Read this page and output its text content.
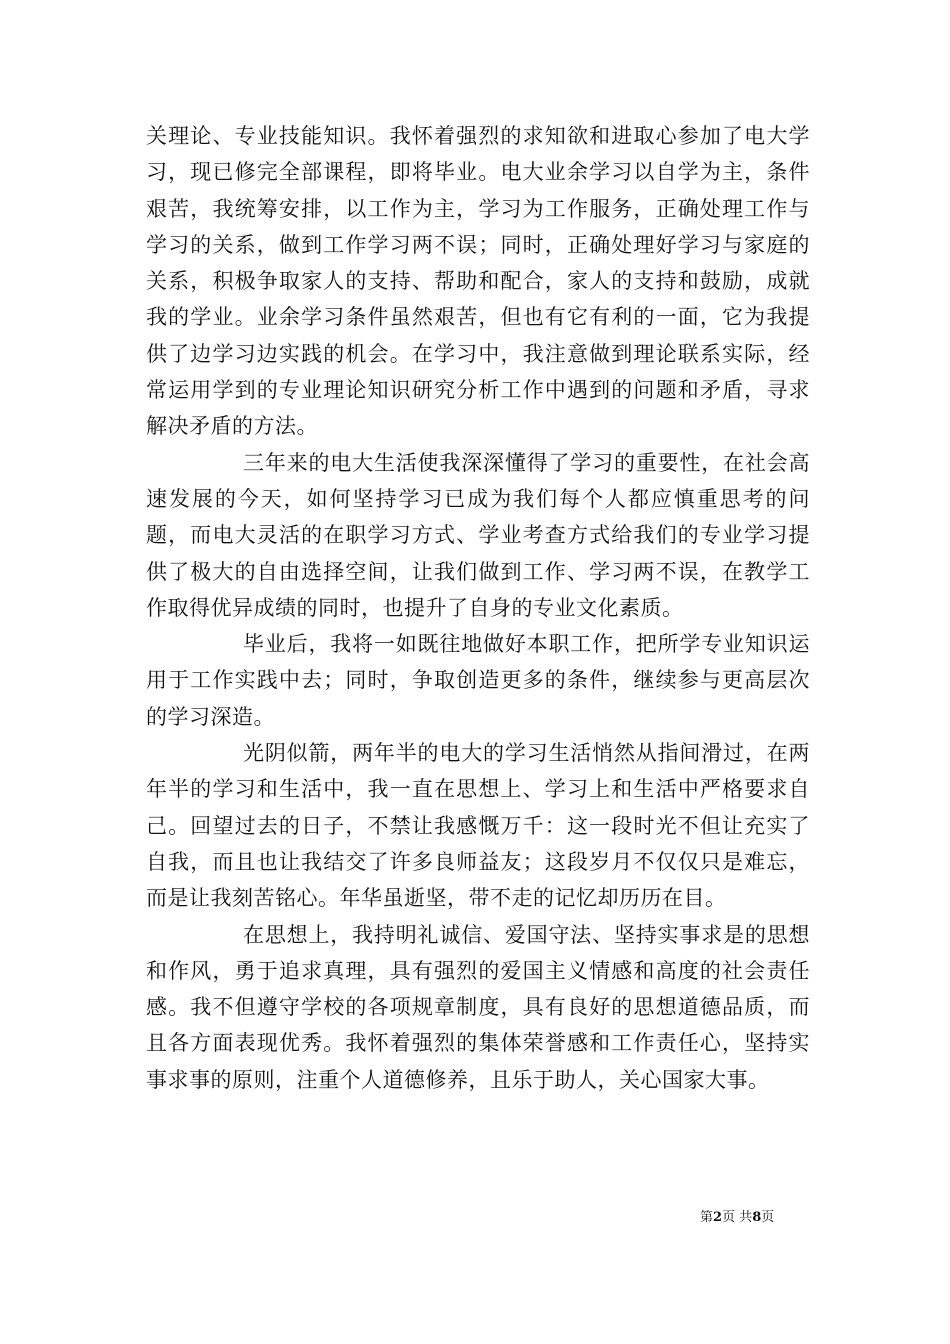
关理论、专业技能知识。我怀着强烈的求知欲和进取心参加了电大学习，现已修完全部课程，即将毕业。电大业余学习以自学为主，条件艰苦，我统筹安排，以工作为主，学习为工作服务，正确处理工作与学习的关系，做到工作学习两不误；同时，正确处理好学习与家庭的关系，积极争取家人的支持、帮助和配合，家人的支持和鼓励，成就我的学业。业余学习条件虽然艰苦，但也有它有利的一面，它为我提供了边学习边实践的机会。在学习中，我注意做到理论联系实际，经常运用学到的专业理论知识研究分析工作中遇到的问题和矛盾，寻求解决矛盾的方法。

三年来的电大生活使我深深懂得了学习的重要性，在社会高速发展的今天，如何坚持学习已成为我们每个人都应慎重思考的问题，而电大灵活的在职学习方式、学业考查方式给我们的专业学习提供了极大的自由选择空间，让我们做到工作、学习两不误，在教学工作取得优异成绩的同时，也提升了自身的专业文化素质。

毕业后，我将一如既往地做好本职工作，把所学专业知识运用于工作实践中去；同时，争取创造更多的条件，继续参与更高层次的学习深造。

光阴似箭，两年半的电大的学习生活悄然从指间滑过，在两年半的学习和生活中，我一直在思想上、学习上和生活中严格要求自己。回望过去的日子，不禁让我感慨万千：这一段时光不但让充实了自我，而且也让我结交了许多良师益友；这段岁月不仅仅只是难忘，而是让我刻苦铭心。年华虽逝坚，带不走的记忆却历历在目。

在思想上，我持明礼诚信、爱国守法、坚持实事求是的思想和作风，勇于追求真理，具有强烈的爱国主义情感和高度的社会责任感。我不但遵守学校的各项规章制度，具有良好的思想道德品质，而且各方面表现优秀。我怀着强烈的集体荣誉感和工作责任心，坚持实事求事的原则，注重个人道德修养，且乐于助人，关心国家大事。

第2页 共8页
